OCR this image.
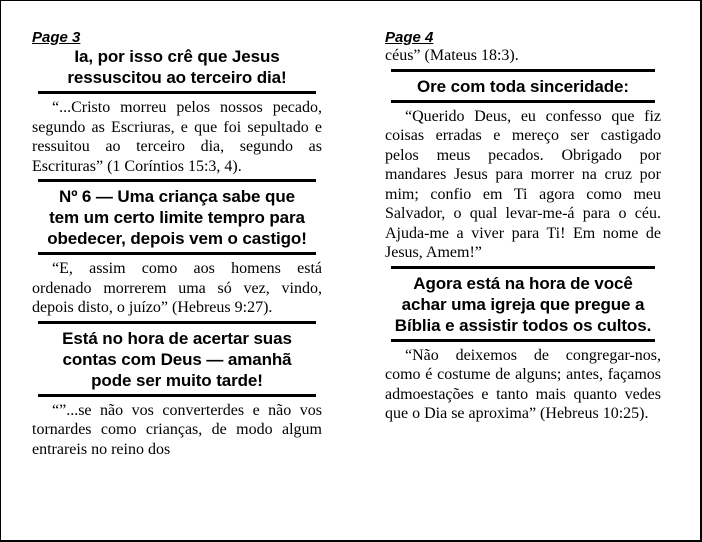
Page 3

Ia, por isso crê que Jesus
ressuscitou ao terceiro dia!

“...Cristo morreu pelos nossos pecado, segundo as Escriuras, e que foi sepultado e ressuitou ao terceiro dia, segundo as Escrituras” (1 Coríntios 15:3, 4).

Nº 6 — Uma criança sabe que
tem um certo limite tempro para
obedecer, depois vem o castigo!

“E, assim como aos homens está ordenado morrerem uma só vez, vindo, depois disto, o juízo” (Hebreus 9:27).

Está no hora de acertar suas
contas com Deus — amanhã
pode ser muito tarde!

“”...se não vos converterdes e não vos tornardes como crianças, de modo algum entrareis no reino dos

Page 4

céus” (Mateus 18:3).

Ore com toda sinceridade:

“Querido Deus, eu confesso que fiz coisas erradas e mereço ser castigado pelos meus pecados. Obrigado por mandares Jesus para morrer na cruz por mim; confio em Ti agora como meu Salvador, o qual levar-me-á para o céu. Ajuda-me a viver para Ti! Em nome de Jesus, Amem!”

Agora está na hora de você
achar uma igreja que pregue a
Bíblia e assistir todos os cultos.

“Não deixemos de congregar-nos, como é costume de alguns; antes, façamos admoestações e tanto mais quanto vedes que o Dia se aproxima” (Hebreus 10:25).
